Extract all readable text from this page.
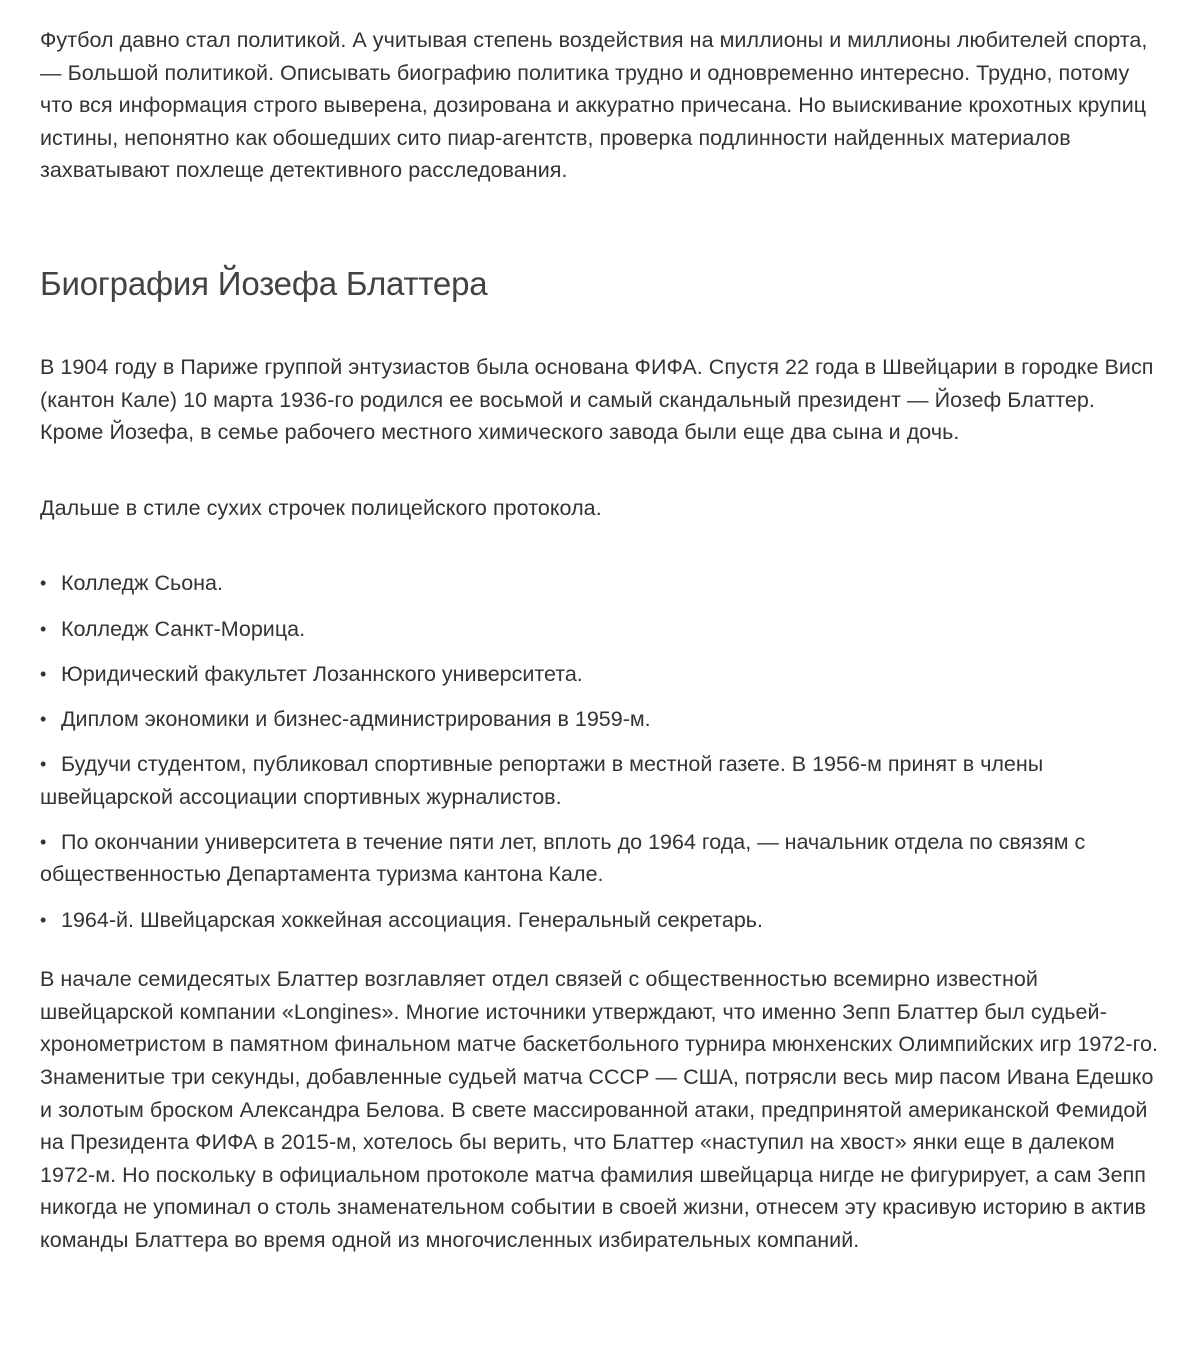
Футбол давно стал политикой. А учитывая степень воздействия на миллионы и миллионы любителей спорта, — Большой политикой. Описывать биографию политика трудно и одновременно интересно. Трудно, потому что вся информация строго выверена, дозирована и аккуратно причесана. Но выискивание крохотных крупиц истины, непонятно как обошедших сито пиар-агентств, проверка подлинности найденных материалов захватывают похлеще детективного расследования.

Биография Йозефа Блаттера

В 1904 году в Париже группой энтузиастов была основана ФИФА. Спустя 22 года в Швейцарии в городке Висп (кантон Кале) 10 марта 1936-го родился ее восьмой и самый скандальный президент — Йозеф Блаттер. Кроме Йозефа, в семье рабочего местного химического завода были еще два сына и дочь.

Дальше в стиле сухих строчек полицейского протокола.

• Колледж Сьона.
• Колледж Санкт-Морица.
• Юридический факультет Лозаннского университета.
• Диплом экономики и бизнес-администрирования в 1959-м.
• Будучи студентом, публиковал спортивные репортажи в местной газете. В 1956-м принят в члены швейцарской ассоциации спортивных журналистов.
• По окончании университета в течение пяти лет, вплоть до 1964 года, — начальник отдела по связям с общественностью Департамента туризма кантона Кале.
• 1964-й. Швейцарская хоккейная ассоциация. Генеральный секретарь.

В начале семидесятых Блаттер возглавляет отдел связей с общественностью всемирно известной швейцарской компании «Longines». Многие источники утверждают, что именно Зепп Блаттер был судьей-хронометристом в памятном финальном матче баскетбольного турнира мюнхенских Олимпийских игр 1972-го. Знаменитые три секунды, добавленные судьей матча СССР — США, потрясли весь мир пасом Ивана Едешко и золотым броском Александра Белова. В свете массированной атаки, предпринятой американской Фемидой на Президента ФИФА в 2015-м, хотелось бы верить, что Блаттер «наступил на хвост» янки еще в далеком 1972-м. Но поскольку в официальном протоколе матча фамилия швейцарца нигде не фигурирует, а сам Зепп никогда не упоминал о столь знаменательном событии в своей жизни, отнесем эту красивую историю в актив команды Блаттера во время одной из многочисленных избирательных компаний.
